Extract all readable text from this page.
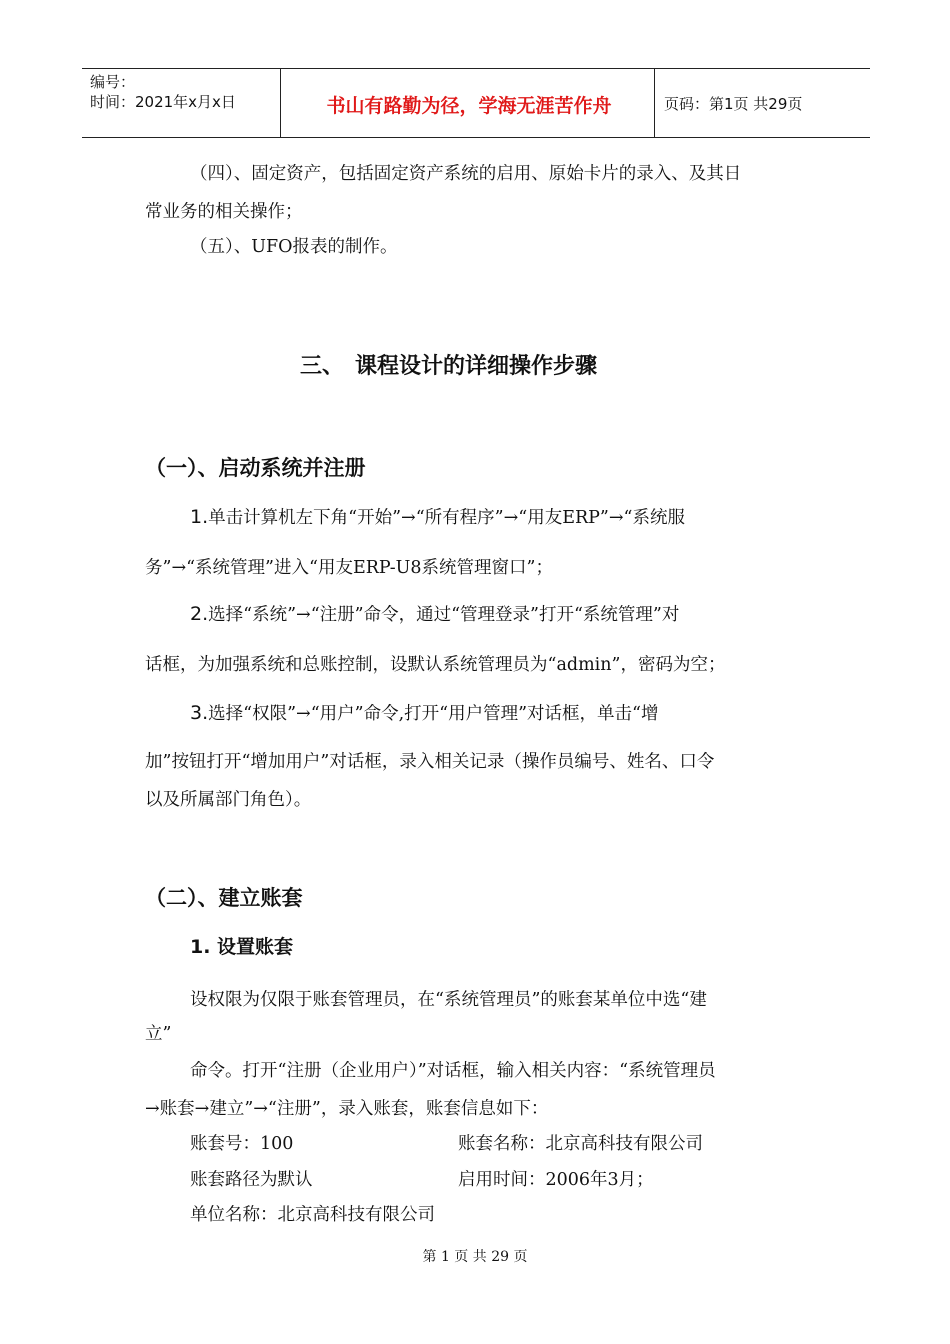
编号：
时间：2021年x月x日	书山有路勤为径，学海无涯苦作舟	页码：第1页 共29页
（四）、固定资产，包括固定资产系统的启用、原始卡片的录入、及其日
常业务的相关操作；
（五）、UFO报表的制作。
三、　课程设计的详细操作步骤
（一）、启动系统并注册
1.单击计算机左下角“开始”→“所有程序”→“用友ERP”→“系统服
务”→“系统管理”进入“用友ERP-U8系统管理窗口”；
2.选择“系统”→“注册”命令，通过“管理登录”打开“系统管理”对
话框，为加强系统和总账控制，设默认系统管理员为“admin”，密码为空；
3.选择“权限”→“用户”命令,打开“用户管理”对话框，单击“增
加”按钮打开“增加用户”对话框，录入相关记录（操作员编号、姓名、口令
以及所属部门角色）。
（二）、建立账套
1. 设置账套
设权限为仅限于账套管理员，在“系统管理员”的账套某单位中选“建
立”
命令。打开“注册（企业用户）”对话框，输入相关内容：“系统管理员
→账套→建立”→“注册”，录入账套，账套信息如下：
账套号：100	账套名称：北京高科技有限公司
账套路径为默认	启用时间：2006年3月；
单位名称：北京高科技有限公司
第 1 页 共 29 页
